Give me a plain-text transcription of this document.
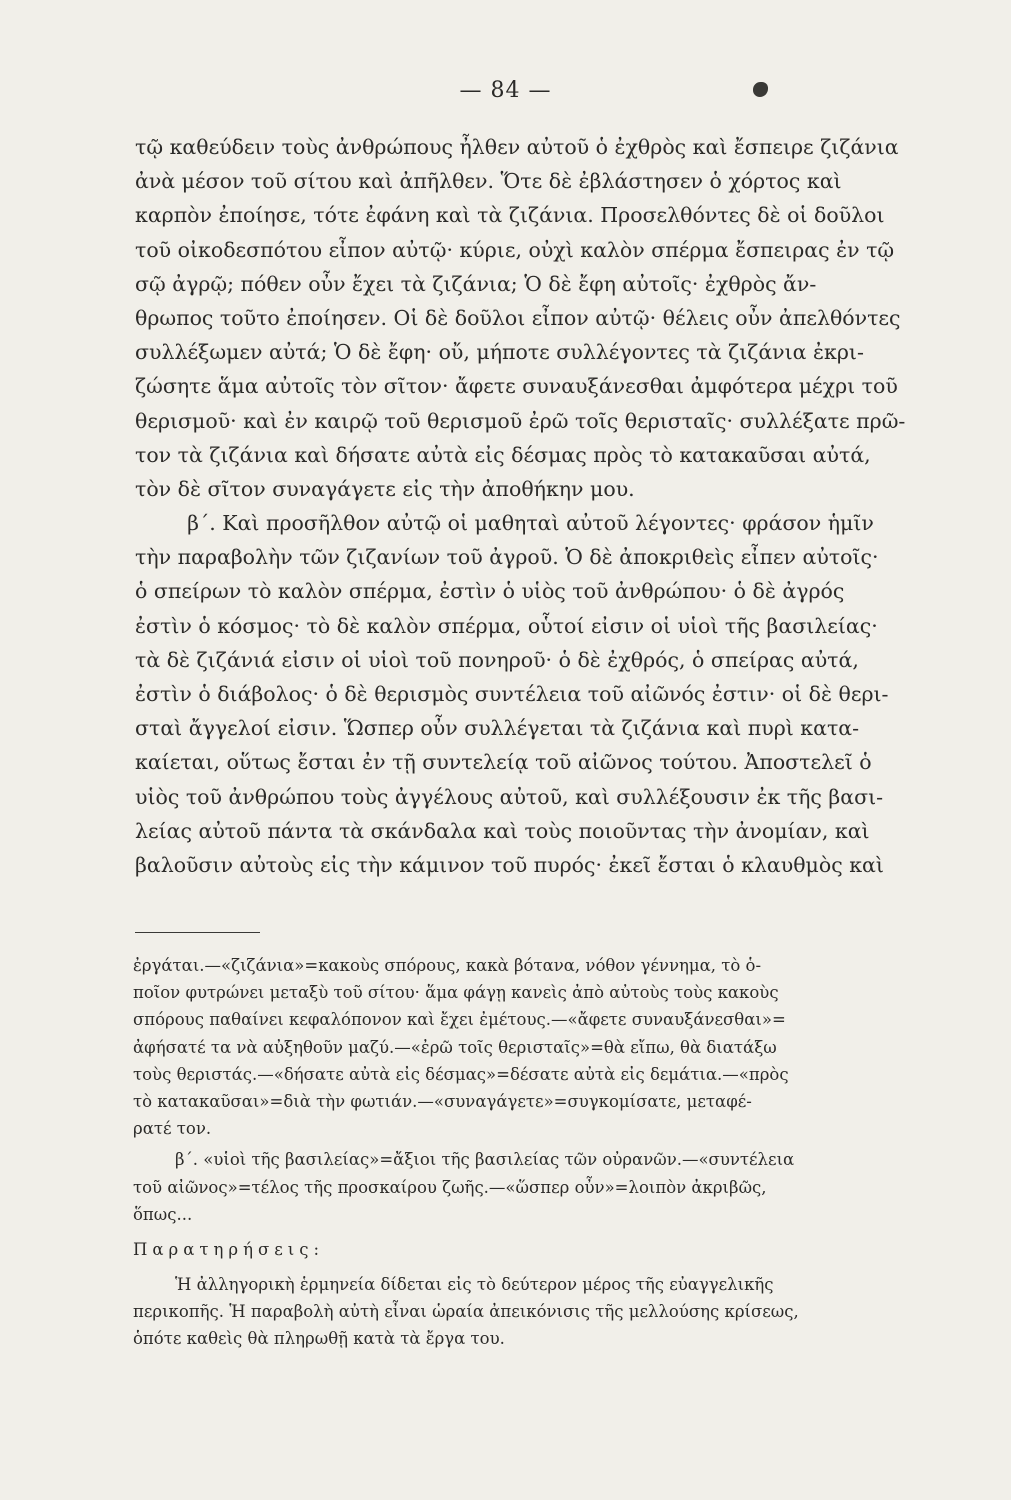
— 84 —
τῷ καθεύδειν τοὺς ἀνθρώπους ἦλθεν αὐτοῦ ὁ ἐχθρὸς καὶ ἔσπειρε ζιζάνια
ἀνὰ μέσον τοῦ σίτου καὶ ἀπῆλθεν. Ὅτε δὲ ἐβλάστησεν ὁ χόρτος καὶ
καρπὸν ἐποίησε, τότε ἐφάνη καὶ τὰ ζιζάνια. Προσελθόντες δὲ οἱ δοῦλοι
τοῦ οἰκοδεσπότου εἶπον αὐτῷ· κύριε, οὐχὶ καλὸν σπέρμα ἔσπειρας ἐν τῷ
σῷ ἀγρῷ; πόθεν οὖν ἔχει τὰ ζιζάνια; Ὁ δὲ ἔφη αὐτοῖς· ἐχθρὸς ἄν-
θρωπος τοῦτο ἐποίησεν. Οἱ δὲ δοῦλοι εἶπον αὐτῷ· θέλεις οὖν ἀπελθόντες
συλλέξωμεν αὐτά; Ὁ δὲ ἔφη· οὔ, μήποτε συλλέγοντες τὰ ζιζάνια ἐκρι-
ζώσητε ἅμα αὐτοῖς τὸν σῖτον· ἄφετε συναυξάνεσθαι ἀμφότερα μέχρι τοῦ
θερισμοῦ· καὶ ἐν καιρῷ τοῦ θερισμοῦ ἐρῶ τοῖς θερισταῖς· συλλέξατε πρῶ-
τον τὰ ζιζάνια καὶ δήσατε αὐτὰ εἰς δέσμας πρὸς τὸ κατακαῦσαι αὐτά,
τὸν δὲ σῖτον συναγάγετε εἰς τὴν ἀποθήκην μου.
β΄. Καὶ προσῆλθον αὐτῷ οἱ μαθηταὶ αὐτοῦ λέγοντες· φράσον ἡμῖν
τὴν παραβολὴν τῶν ζιζανίων τοῦ ἀγροῦ. Ὁ δὲ ἀποκριθεὶς εἶπεν αὐτοῖς·
ὁ σπείρων τὸ καλὸν σπέρμα, ἐστὶν ὁ υἱὸς τοῦ ἀνθρώπου· ὁ δὲ ἀγρός
ἐστὶν ὁ κόσμος· τὸ δὲ καλὸν σπέρμα, οὗτοί εἰσιν οἱ υἱοὶ τῆς βασιλείας·
τὰ δὲ ζιζάνιά εἰσιν οἱ υἱοὶ τοῦ πονηροῦ· ὁ δὲ ἐχθρός, ὁ σπείρας αὐτά,
ἐστὶν ὁ διάβολος· ὁ δὲ θερισμὸς συντέλεια τοῦ αἰῶνός ἐστιν· οἱ δὲ θερι-
σταὶ ἄγγελοί εἰσιν. Ὥσπερ οὖν συλλέγεται τὰ ζιζάνια καὶ πυρὶ κατα-
καίεται, οὕτως ἔσται ἐν τῇ συντελείᾳ τοῦ αἰῶνος τούτου. Ἀποστελεῖ ὁ
υἱὸς τοῦ ἀνθρώπου τοὺς ἀγγέλους αὐτοῦ, καὶ συλλέξουσιν ἐκ τῆς βασι-
λείας αὐτοῦ πάντα τὰ σκάνδαλα καὶ τοὺς ποιοῦντας τὴν ἀνομίαν, καὶ
βαλοῦσιν αὐτοὺς εἰς τὴν κάμινον τοῦ πυρός· ἐκεῖ ἔσται ὁ κλαυθμὸς καὶ
ἐργάται.—«ζιζάνια»=κακοὺς σπόρους, κακὰ βότανα, νόθον γέννημα, τὸ ὁ-
ποῖον φυτρώνει μεταξὺ τοῦ σίτου· ἅμα φάγῃ κανεὶς ἀπὸ αὐτοὺς τοὺς κακοὺς
σπόρους παθαίνει κεφαλόπονον καὶ ἔχει ἐμέτους.—«ἄφετε συναυξάνεσθαι»=
ἀφήσατέ τα νὰ αὐξηθοῦν μαζύ.—«ἐρῶ τοῖς θερισταῖς»=θὰ εἴπω, θὰ διατάξω
τοὺς θεριστάς.—«δήσατε αὐτὰ εἰς δέσμας»=δέσατε αὐτὰ εἰς δεμάτια.—«πρὸς
τὸ κατακαῦσαι»=διὰ τὴν φωτιάν.—«συναγάγετε»=συγκομίσατε, μεταφέ-
ρατέ τον.
β΄. «υἱοὶ τῆς βασιλείας»=ἄξιοι τῆς βασιλείας τῶν οὐρανῶν.—«συντέλεια
τοῦ αἰῶνος»=τέλος τῆς προσκαίρου ζωῆς.—«ὥσπερ οὖν»=λοιπὸν ἀκριβῶς,
ὅπως...
Παρατηρήσεις:
Ἡ ἀλληγορικὴ ἑρμηνεία δίδεται εἰς τὸ δεύτερον μέρος τῆς εὐαγγελικῆς
περικοπῆς. Ἡ παραβολὴ αὐτὴ εἶναι ὡραία ἀπεικόνισις τῆς μελλούσης κρίσεως,
ὁπότε καθεὶς θὰ πληρωθῇ κατὰ τὰ ἔργα του.
